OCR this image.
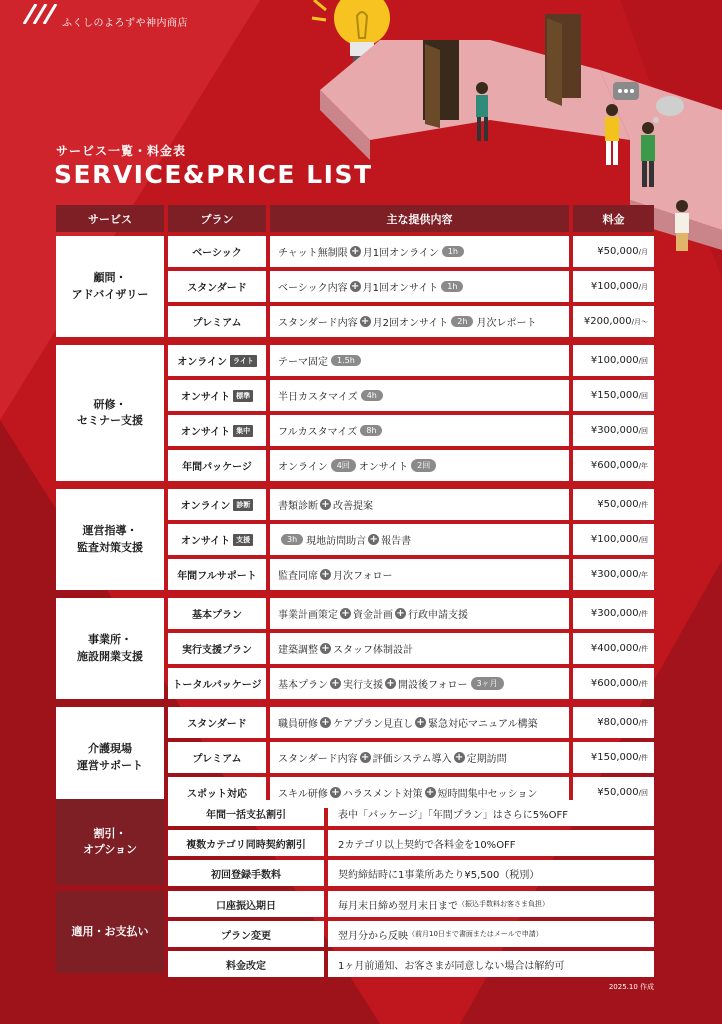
ふくしのよろずや神内商店
サービス一覧・料金表
SERVICE&PRICE LIST
サービス	プラン	主な提供内容	料金
顧問・
アドバイザリー
ベーシック	チャット無制限 + 月1回オンライン	1h	¥50,000 /月
スタンダード	ベーシック内容 + 月1回オンサイト	1h	¥100,000 /月
プレミアム	スタンダード内容 + 月2回オンサイト	2h 月次レポート	¥200,000 /月〜
研修・
セミナー支援
オンライン ライト	テーマ固定	1.5h	¥100,000 /回
オンサイト 標準	半日カスタマイズ	4h	¥150,000 /回
オンサイト 集中	フルカスタマイズ	8h	¥300,000 /回
年間パッケージ	オンライン	4回 オンサイト	2回	¥600,000 /年
運営指導・
監査対策支援
オンライン 診断	書類診断 + 改善提案	¥50,000 /件
オンサイト 支援	3h 現地訪問助言 + 報告書	¥100,000 /回
年間フルサポート 監査同席 + 月次フォロー	¥300,000 /年
事業所・
施設開業支援
基本プラン	事業計画策定 + 資金計画 + 行政申請支援	¥300,000 /件
実行支援プラン	建築調整 + スタッフ体制設計	¥400,000 /件
トータルパッケージ 基本プラン + 実行支援 + 開設後フォロー	3ヶ月	¥600,000 /件
介護現場
運営サポート
スタンダード	職員研修 + ケアプラン見直し + 緊急対応マニュアル構築	¥80,000 /件
プレミアム	スタンダード内容 + 評価システム導入 + 定期訪問	¥150,000 /件
スポット対応	スキル研修 + ハラスメント対策 + 短時間集中セッション	¥50,000 /回
割引・
オプション
年間一括支払割引	表中「パッケージ」「年間プラン」はさらに5%OFF
複数カテゴリ同時契約割引	2カテゴリ以上契約で各料金を10%OFF
初回登録手数料	契約締結時に1事業所あたり¥5,500（税別）
適用・お支払い
口座振込期日	毎月末日締め翌月末日まで （振込手数料お客さま負担）
プラン変更	翌月分から反映 （前月10日まで書面またはメールで申請）
料金改定	1ヶ月前通知、お客さまが同意しない場合は解約可
2025.10 作成
